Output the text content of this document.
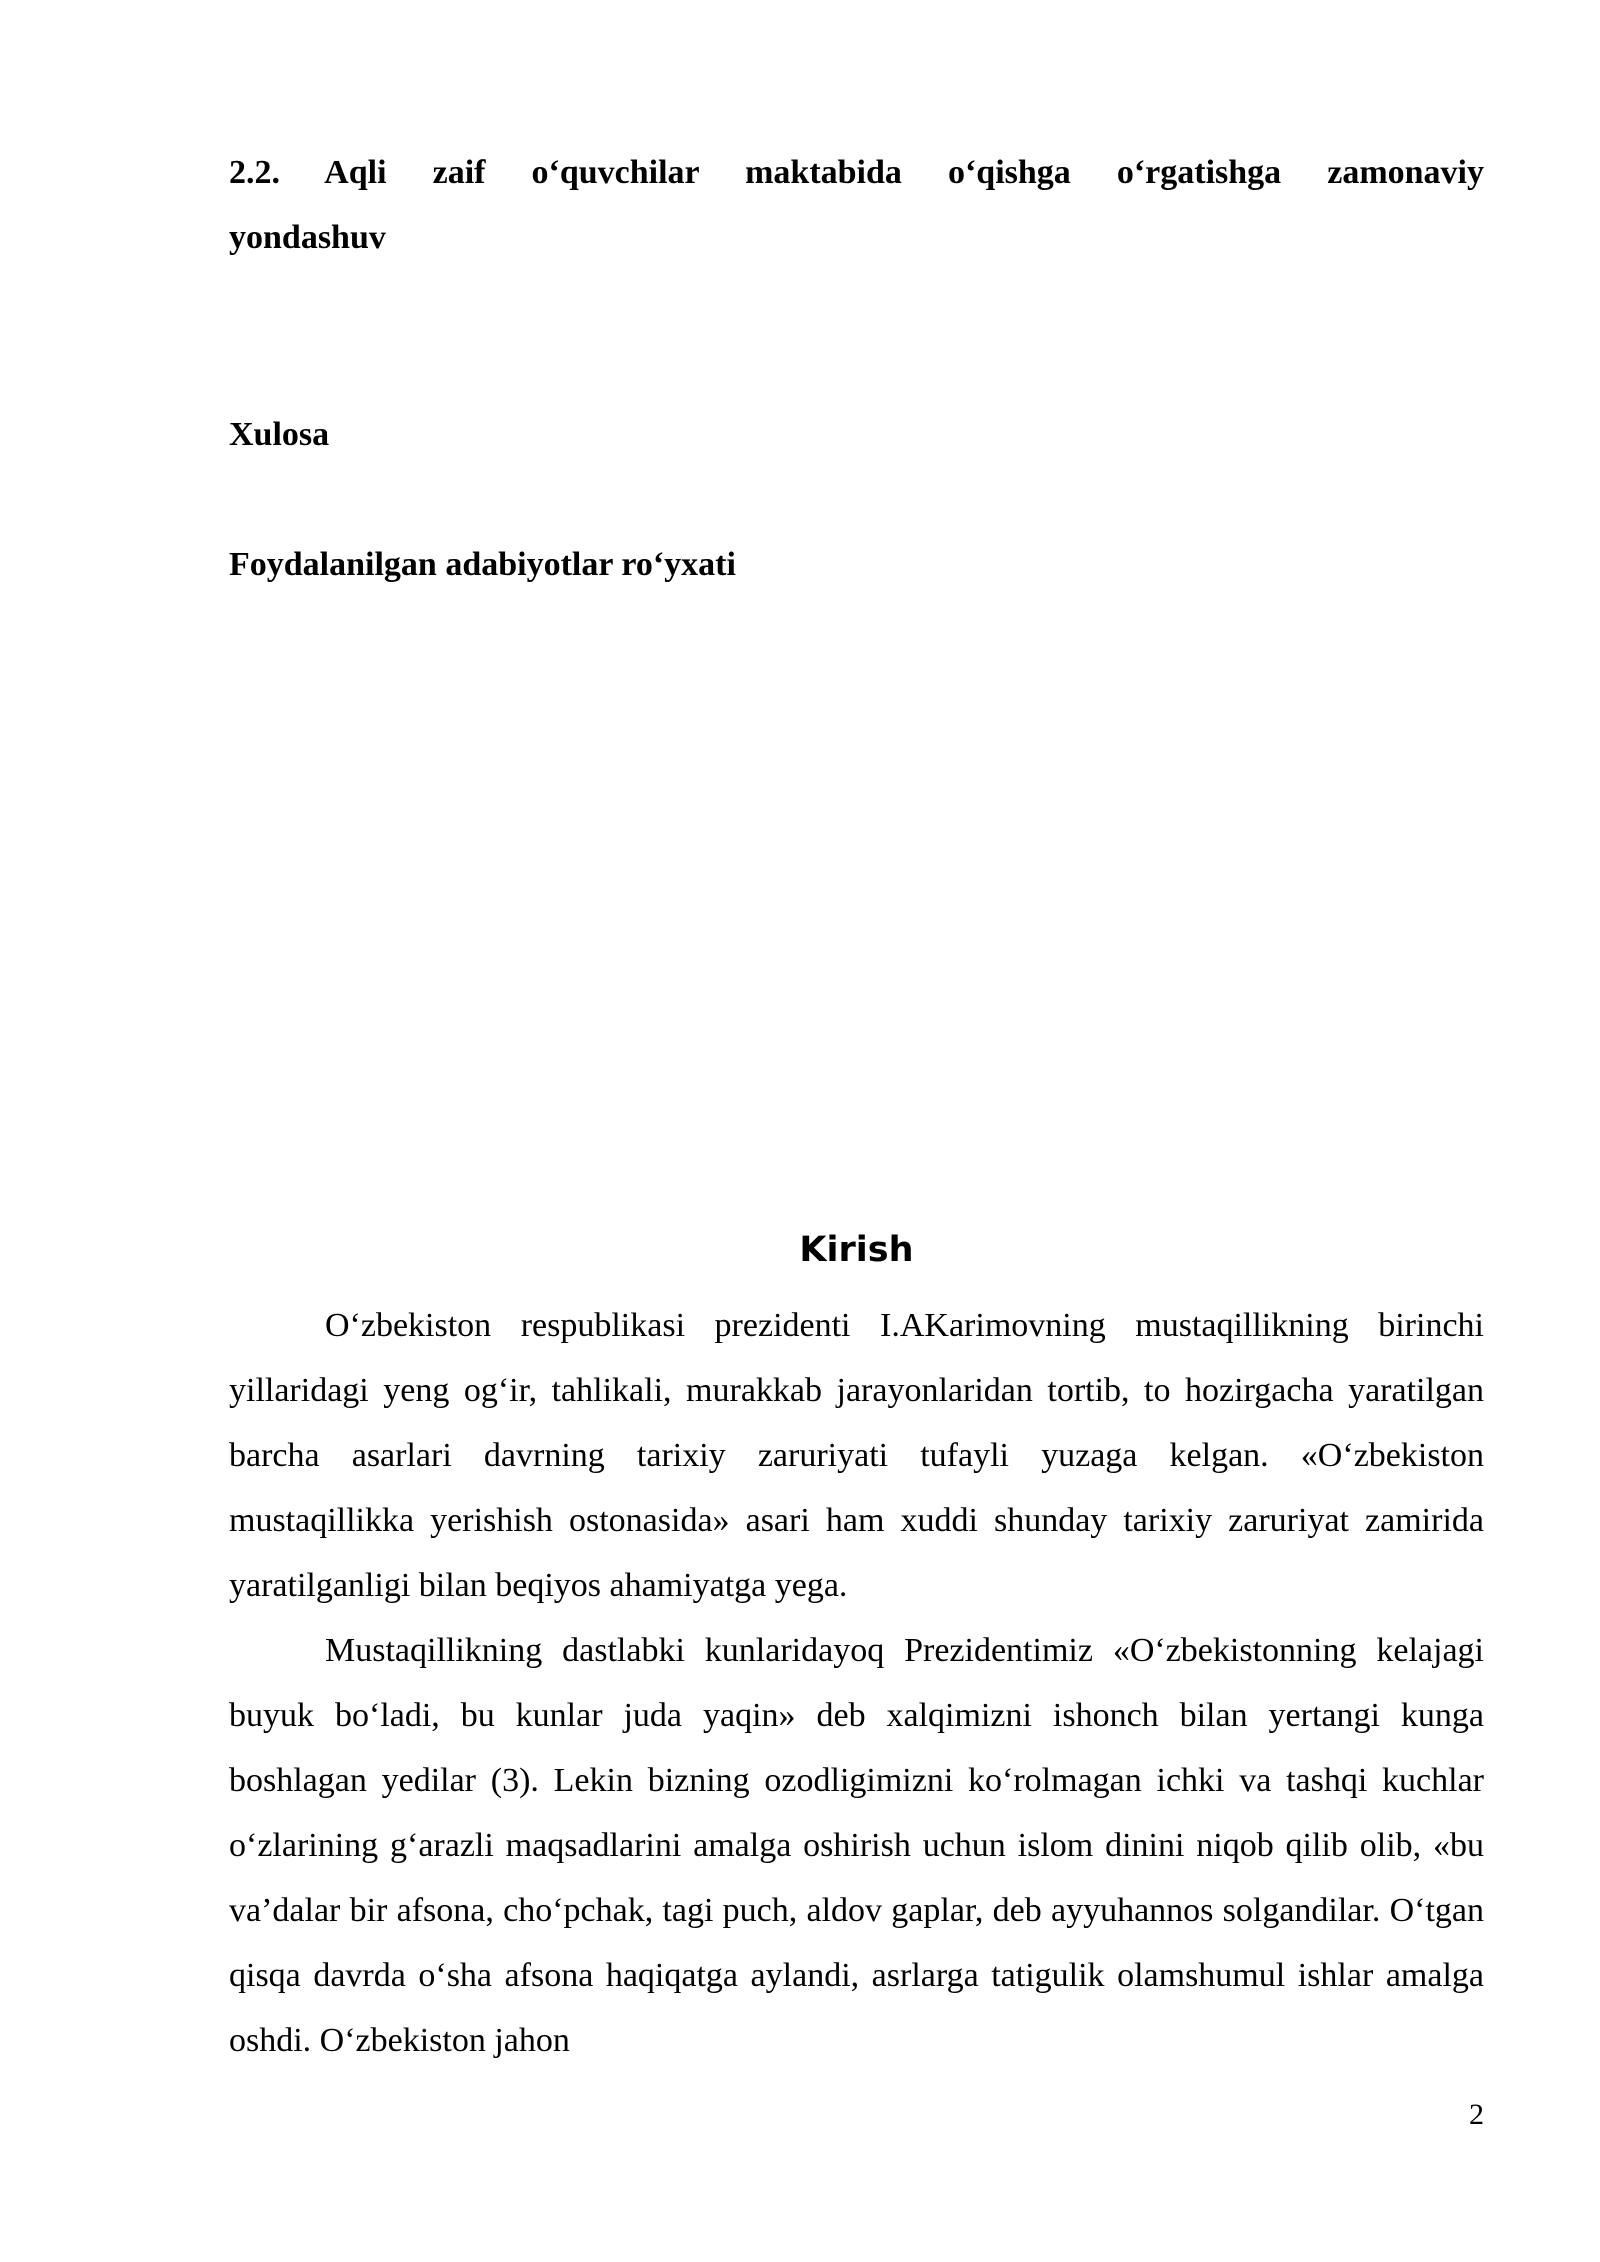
2.2. Aqli zaif o‘quvchilar maktabida o‘qishga o‘rgatishga zamonaviy
yondashuv
Xulosa
Foydalanilgan adabiyotlar ro‘yxati
Kirish

O‘zbekiston respublikasi prezidenti I.AKarimovning mustaqillikning birinchi yillaridagi yeng og‘ir, tahlikali, murakkab jarayonlaridan tortib, to hozirgacha yaratilgan barcha asarlari davrning tarixiy zaruriyati tufayli yuzaga kelgan. «O‘zbekiston mustaqillikka yerishish ostonasida» asari ham xuddi shunday tarixiy zaruriyat zamirida yaratilganligi bilan beqiyos ahamiyatga yega.

Mustaqillikning dastlabki kunlaridayoq Prezidentimiz «O‘zbekistonning kelajagi buyuk bo‘ladi, bu kunlar juda yaqin» deb xalqimizni ishonch bilan yertangi kunga boshlagan yedilar (3). Lekin bizning ozodligimizni ko‘rolmagan ichki va tashqi kuchlar o‘zlarining g‘arazli maqsadlarini amalga oshirish uchun islom dinini niqob qilib olib, «bu va’dalar bir afsona, cho‘pchak, tagi puch, aldov gaplar, deb ayyuhannos solgandilar. O‘tgan qisqa davrda o‘sha afsona haqiqatga aylandi, asrlarga tatigulik olamshumul ishlar amalga oshdi. O‘zbekiston jahon

2
